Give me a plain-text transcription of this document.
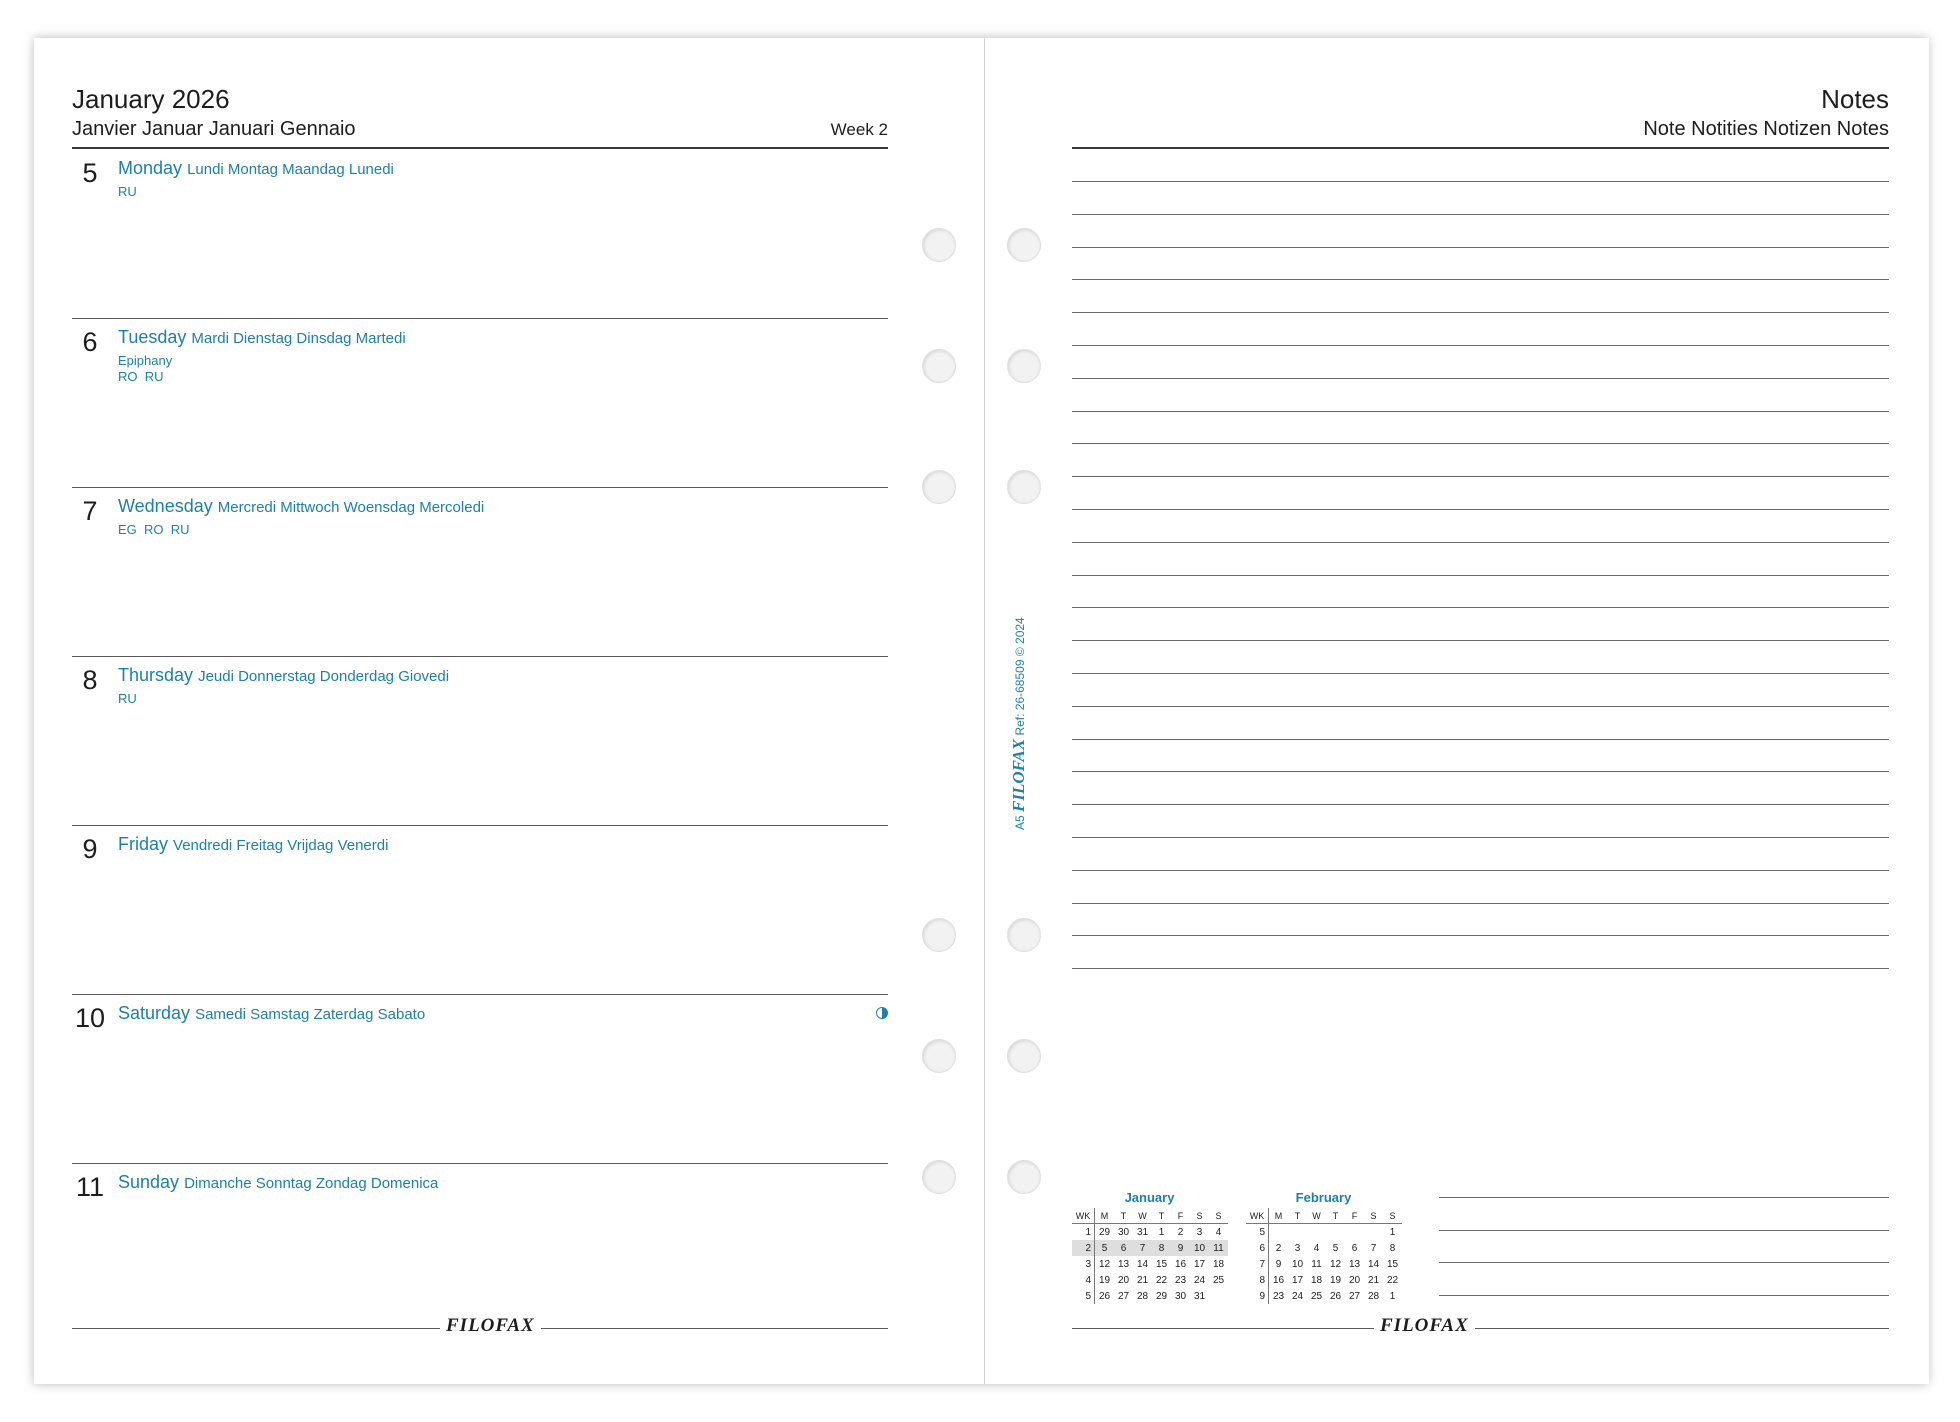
January 2026
Janvier Januar Januari Gennaio	Week 2
5	Monday Lundi Montag Maandag Lunedi
RU
6	Tuesday Mardi Dienstag Dinsdag Martedi
Epiphany
RO  RU
7	Wednesday Mercredi Mittwoch Woensdag Mercoledi
EG  RO  RU
8	Thursday Jeudi Donnerstag Donderdag Giovedi
RU
9	Friday Vendredi Freitag Vrijdag Venerdi
10 Saturday Samedi Samstag Zaterdag Sabato
11 Sunday Dimanche Sonntag Zondag Domenica
FILOFAX
Notes
Note Notities Notizen Notes
A5 FILOFAX Ref: 26-68509 © 2024
January
WK	M	T	W	T	F	S	S
1	29	30	31	1	2	3	4
2	5	6	7	8	9	10	11
3	12	13	14	15	16	17	18
4	19	20	21	22	23	24	25
5	26	27	28	29	30	31	
February
WK	M	T	W	T	F	S	S
5							1
6	2	3	4	5	6	7	8
7	9	10	11	12	13	14	15
8	16	17	18	19	20	21	22
9	23	24	25	26	27	28	1
FILOFAX
